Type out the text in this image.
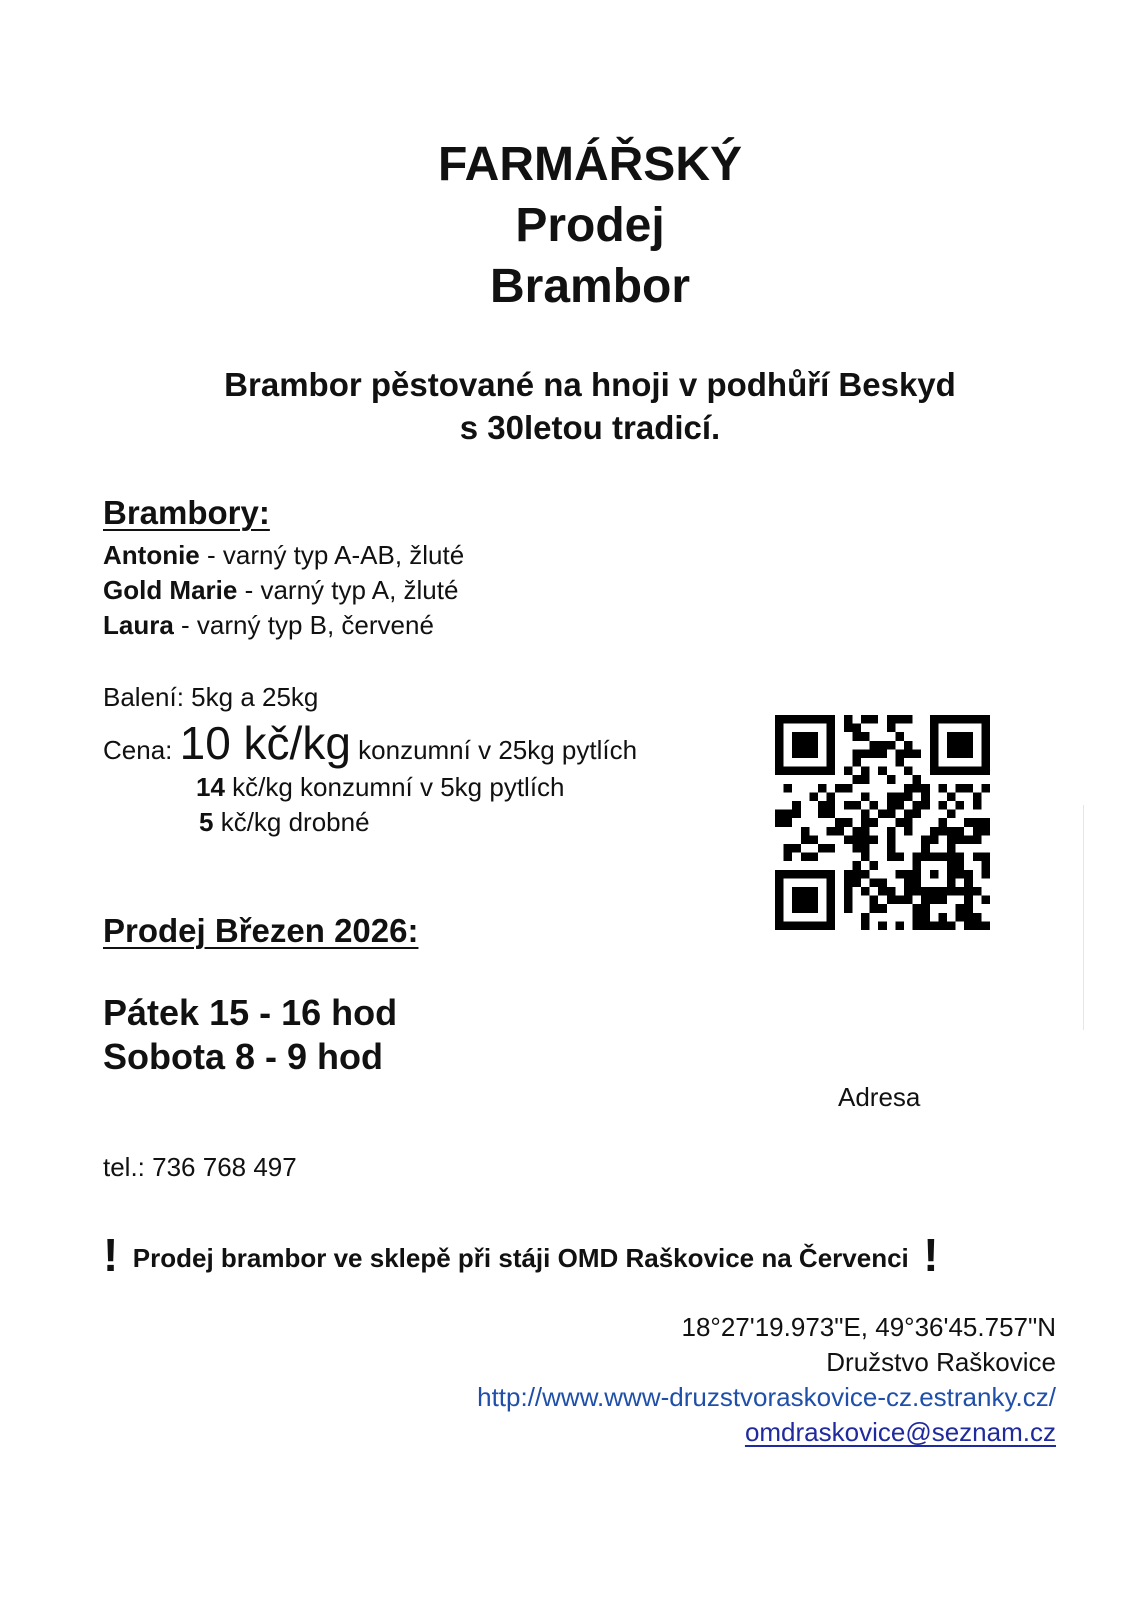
FARMÁŘSKÝ
Prodej
Brambor
Brambor pěstované na hnoji v podhůří Beskyd
s 30letou tradicí.
Brambory:
Antonie - varný typ A-AB, žluté
Gold Marie - varný typ A, žluté
Laura - varný typ B, červené
Balení: 5kg a 25kg
Cena: 10 kč/kg konzumní v 25kg pytlích
14 kč/kg konzumní v 5kg pytlích
5 kč/kg drobné
Adresa
Prodej Březen 2026:
Pátek 15 - 16 hod
Sobota 8 - 9 hod
tel.: 736 768 497
! Prodej brambor ve sklepě při stáji OMD Raškovice na Červenci !
18°27'19.973"E, 49°36'45.757"N
Družstvo Raškovice
http://www.www-druzstvoraskovice-cz.estranky.cz/
omdraskovice@seznam.cz
